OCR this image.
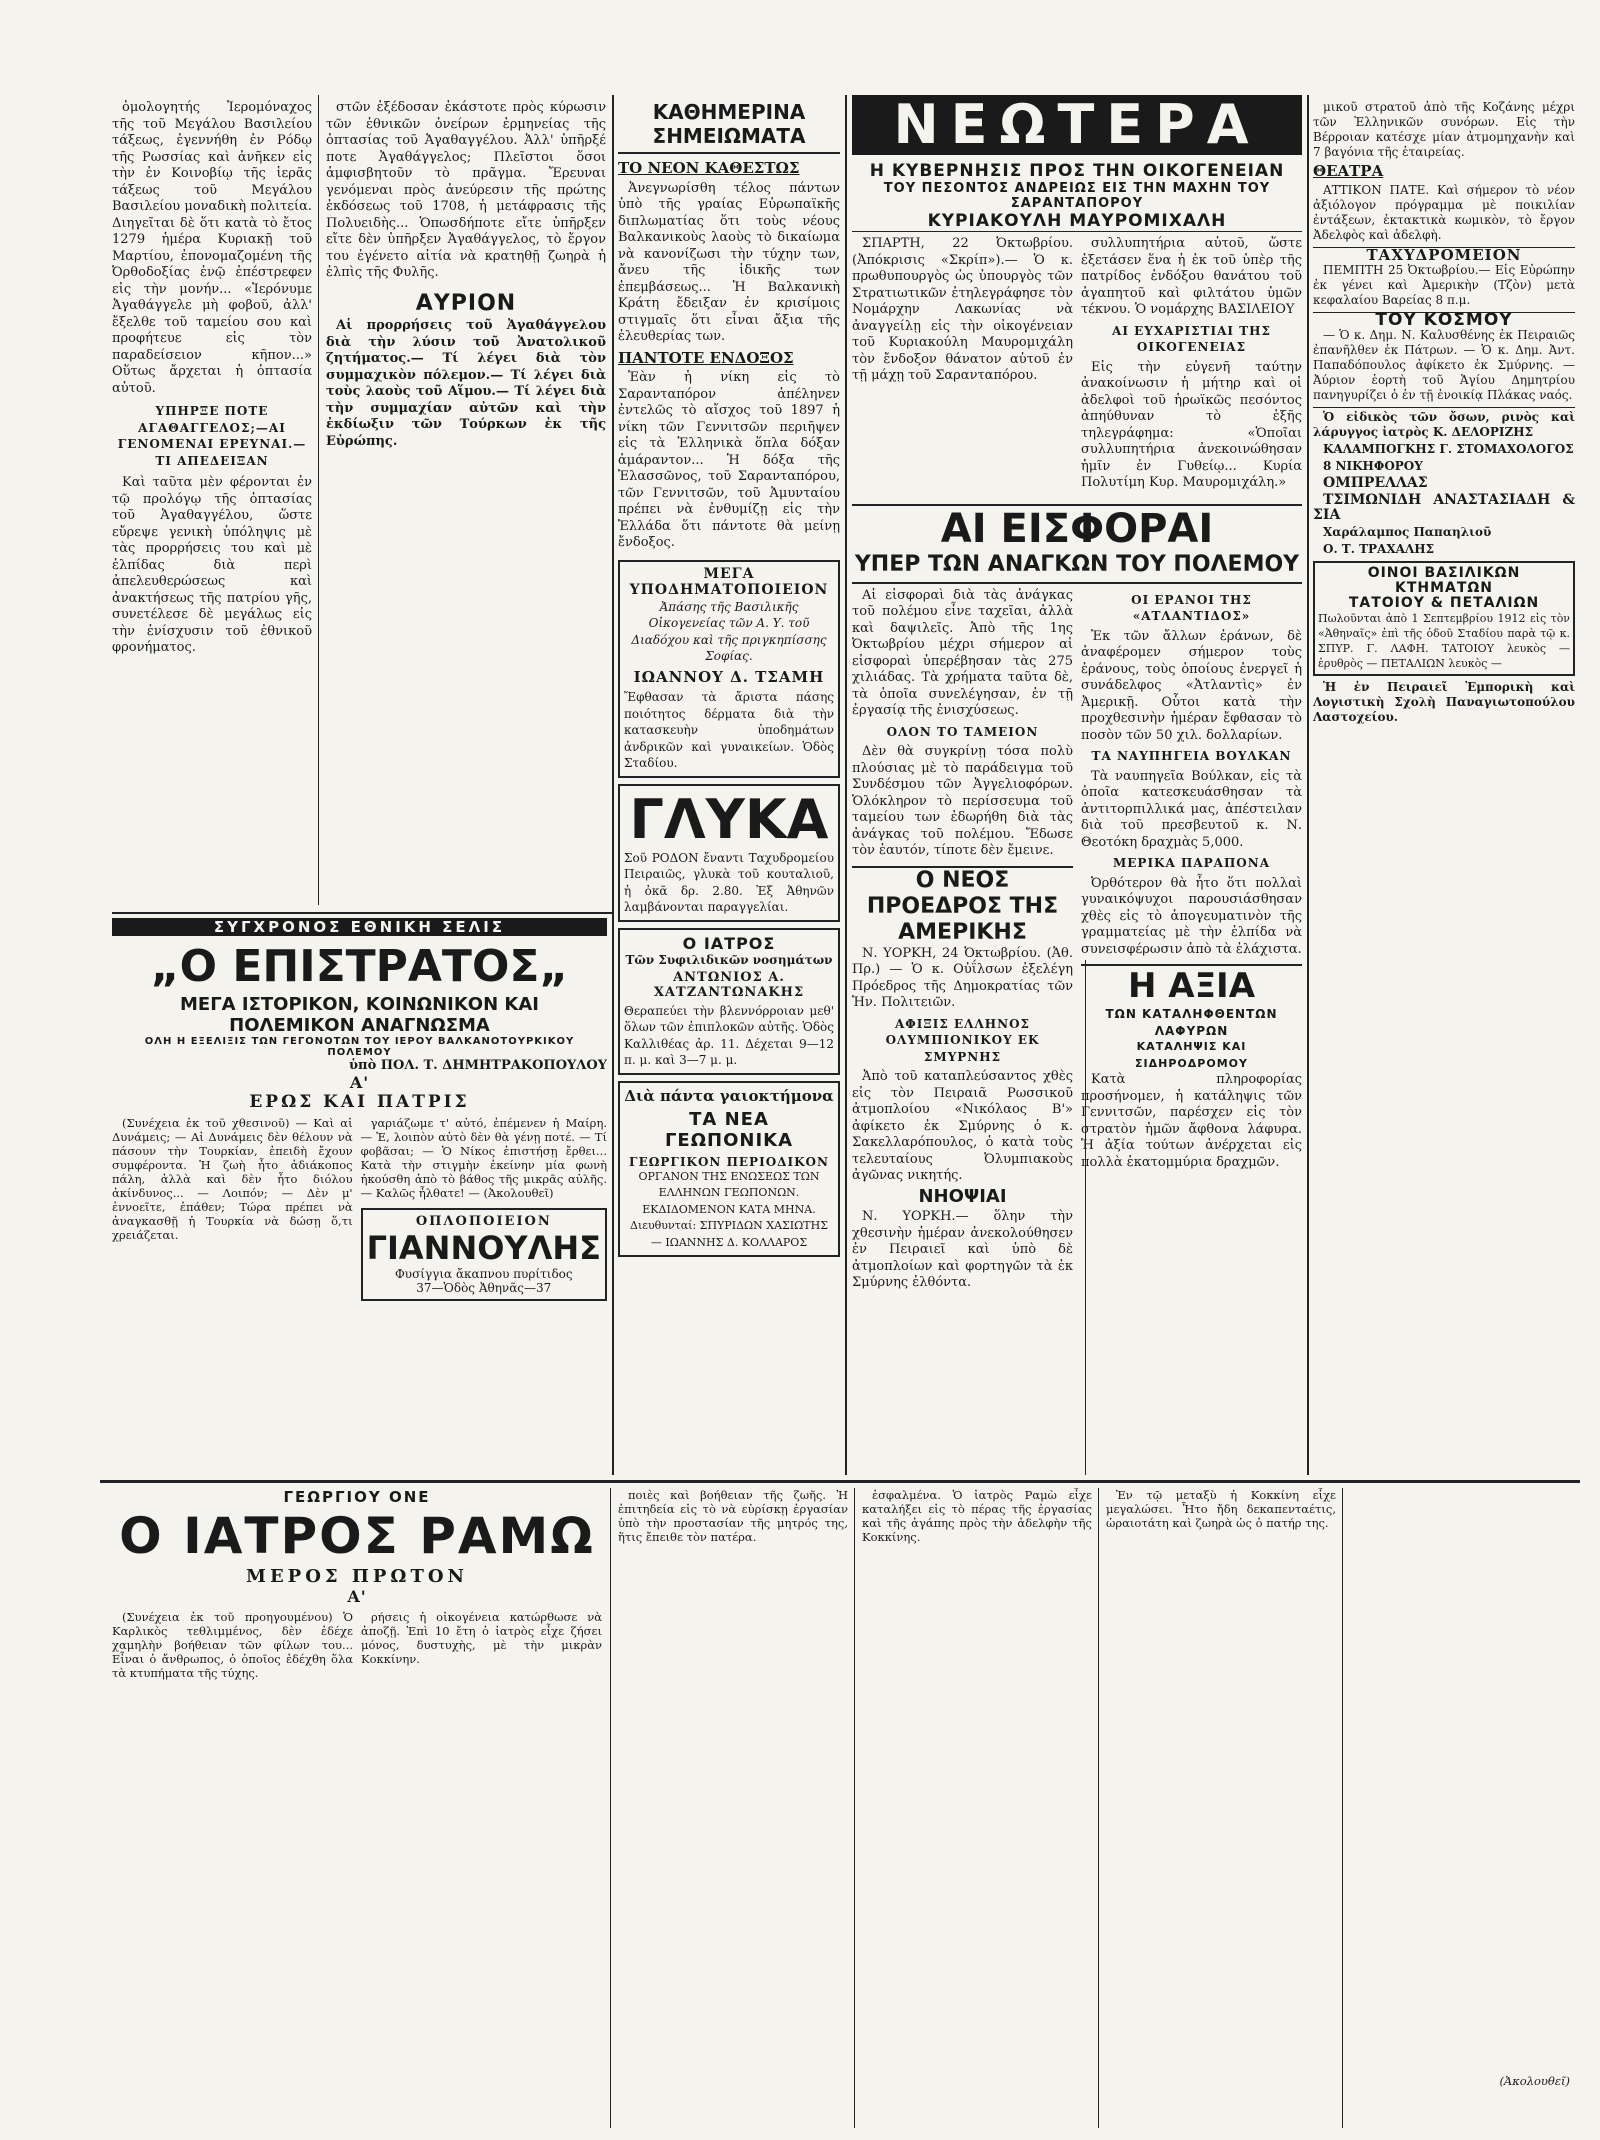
ὁμολογητής Ἱερομόναχος τῆς τοῦ Μεγάλου Βασιλείου τάξεως, ἐγεννήθη ἐν Ρόδῳ τῆς Ρωσσίας καὶ ἀνῆκεν εἰς τὴν ἐν Κοινοβίῳ τῆς ἱερᾶς τάξεως τοῦ Μεγάλου Βασιλείου μοναδικὴ πολιτεία. Διηγεῖται δὲ ὅτι κατὰ τὸ ἔτος 1279 ἡμέρα Κυριακῇ τοῦ Μαρτίου, ἐπονομαζομένη τῆς Ὀρθοδοξίας ἐνῷ ἐπέστρεφεν εἰς τὴν μονήν... «Ἱερόνυμε Ἀγαθάγγελε μὴ φοβοῦ, ἀλλ' ἔξελθε τοῦ ταμείου σου καὶ προφήτευε εἰς τὸν παραδείσειον κῆπον...» Οὕτως ἄρχεται ἡ ὀπτασία αὐτοῦ.

ΥΠΗΡΞΕ ΠΟΤΕ ΑΓΑΘΑΓΓΕΛΟΣ;—ΑΙ ΓΕΝΟΜΕΝΑΙ ΕΡΕΥΝΑΙ.—ΤΙ ΑΠΕΔΕΙΞΑΝ

Καὶ ταῦτα μὲν φέρονται ἐν τῷ προλόγῳ τῆς ὀπτασίας τοῦ Ἀγαθαγγέλου, ὥστε εὔρεψε γενικὴ ὑπόληψις μὲ τὰς προρρήσεις του καὶ μὲ ἐλπίδας διὰ περὶ ἀπελευθερώσεως καὶ ἀνακτήσεως τῆς πατρίου γῆς, συνετέλεσε δὲ μεγάλως εἰς τὴν ἐνίσχυσιν τοῦ ἐθνικοῦ φρονήματος.

στῶν ἐξέδοσαν ἐκάστοτε πρὸς κύρωσιν τῶν ἐθνικῶν ὀνείρων ἐρμηνείας τῆς ὀπτασίας τοῦ Ἀγαθαγγέλου. Ἀλλ' ὑπῆρξέ ποτε Ἀγαθάγγελος; Πλεῖστοι ὅσοι ἀμφισβητοῦν τὸ πρᾶγμα. Ἔρευναι γενόμεναι πρὸς ἀνεύρεσιν τῆς πρώτης ἐκδόσεως τοῦ 1708, ἡ μετάφρασις τῆς Πολυειδὴς... Ὁπωσδήποτε εἴτε ὑπῆρξεν εἴτε δὲν ὑπῆρξεν Ἀγαθάγγελος, τὸ ἔργον του ἐγένετο αἰτία νὰ κρατηθῇ ζωηρὰ ἡ ἐλπὶς τῆς Φυλῆς.

ΑΥΡΙΟΝ

Αἱ προρρήσεις τοῦ Ἀγαθάγγελου διὰ τὴν λύσιν τοῦ Ἀνατολικοῦ ζητήματος.— Τί λέγει διὰ τὸν συμμαχικὸν πόλεμον.— Τί λέγει διὰ τοὺς λαοὺς τοῦ Αἵμου.— Τί λέγει διὰ τὴν συμμαχίαν αὐτῶν καὶ τὴν ἐκδίωξιν τῶν Τούρκων ἐκ τῆς Εὐρώπης.

ΚΑΘΗΜΕΡΙΝΑ ΣΗΜΕΙΩΜΑΤΑ
ΤΟ ΝΕΟΝ ΚΑΘΕΣΤΩΣ

Ἀνεγνωρίσθη τέλος πάντων ὑπὸ τῆς γραίας Εὐρωπαϊκῆς διπλωματίας ὅτι τοὺς νέους Βαλκανικοὺς λαοὺς τὸ δικαίωμα νὰ κανονίζωσι τὴν τύχην των, ἄνευ τῆς ἰδικῆς των ἐπεμβάσεως... Ἡ Βαλκανικὴ Κράτη ἔδειξαν ἐν κρισίμοις στιγμαῖς ὅτι εἶναι ἄξια τῆς ἐλευθερίας των.

ΠΑΝΤΟΤΕ ΕΝΔΟΞΟΣ

Ἐὰν ἡ νίκη εἰς τὸ Σαρανταπόρον ἀπέληνεν ἐντελῶς τὸ αἴσχος τοῦ 1897 ἡ νίκη τῶν Γεννιτσῶν περιῆψεν εἰς τὰ Ἑλληνικὰ ὅπλα δόξαν ἀμάραντον... Ἡ δόξα τῆς Ἐλασσῶνος, τοῦ Σαρανταπόρου, τῶν Γεννιτσῶν, τοῦ Ἀμυνταίου πρέπει νὰ ἐνθυμίζῃ εἰς τὴν Ἑλλάδα ὅτι πάντοτε θὰ μείνῃ ἔνδοξος.

ΜΕΓΑ ΥΠΟΔΗΜΑΤΟΠΟΙΕΙΟΝ
Ἀπάσης τῆς Βασιλικῆς Οἰκογενείας τῶν Α. Υ. τοῦ Διαδόχου καὶ τῆς πριγκηπίσσης Σοφίας.
ΙΩΑΝΝΟΥ Δ. ΤΣΑΜΗ
Ἔφθασαν τὰ ἄριστα πάσης ποιότητος δέρματα διὰ τὴν κατασκευὴν ὑποδημάτων ἀνδρικῶν καὶ γυναικείων. Ὁδὸς Σταδίου.
ΓΛΥΚΑ
Σοῦ ΡΟΔΟΝ ἔναντι Ταχυδρομείου Πειραιῶς, γλυκὰ τοῦ κουταλιοῦ, ἡ ὀκᾶ δρ. 2.80. Ἐξ Ἀθηνῶν λαμβάνονται παραγγελίαι.
Ο ΙΑΤΡΟΣ
Τῶν Συφιλιδικῶν νοσημάτων
ΑΝΤΩΝΙΟΣ Α. ΧΑΤΖΑΝΤΩΝΑΚΗΣ
Θεραπεύει τὴν βλεννόρροιαν μεθ' ὅλων τῶν ἐπιπλοκῶν αὐτῆς. Ὁδὸς Καλλιθέας ἀρ. 11. Δέχεται 9—12 π. μ. καὶ 3—7 μ. μ.
Διὰ πάντα γαιοκτήμονα
ΤΑ ΝΕΑ ΓΕΩΠΟΝΙΚΑ
ΓΕΩΡΓΙΚΟΝ ΠΕΡΙΟΔΙΚΟΝ
ΟΡΓΑΝΟΝ ΤΗΣ ΕΝΩΣΕΩΣ ΤΩΝ ΕΛΛΗΝΩΝ ΓΕΩΠΟΝΩΝ. ΕΚΔΙΔΟΜΕΝΟΝ ΚΑΤΑ ΜΗΝΑ. Διευθυνταί: ΣΠΥΡΙΔΩΝ ΧΑΣΙΩΤΗΣ — ΙΩΑΝΝΗΣ Δ. ΚΟΛΛΑΡΟΣ
ΝΕΩΤΕΡΑ
Η ΚΥΒΕΡΝΗΣΙΣ ΠΡΟΣ ΤΗΝ ΟΙΚΟΓΕΝΕΙΑΝ
ΤΟΥ ΠΕΣΟΝΤΟΣ ΑΝΔΡΕΙΩΣ ΕΙΣ ΤΗΝ ΜΑΧΗΝ ΤΟΥ ΣΑΡΑΝΤΑΠΟΡΟΥ
ΚΥΡΙΑΚΟΥΛΗ ΜΑΥΡΟΜΙΧΑΛΗ

ΣΠΑΡΤΗ, 22 Ὀκτωβρίου. (Ἀπόκρισις «Σκρίπ»).— Ὁ κ. πρωθυπουργὸς ὡς ὑπουργὸς τῶν Στρατιωτικῶν ἐτηλεγράφησε τὸν Νομάρχην Λακωνίας νὰ ἀναγγείλῃ εἰς τὴν οἰκογένειαν τοῦ Κυριακούλη Μαυρομιχάλη τὸν ἔνδοξον θάνατον αὐτοῦ ἐν τῇ μάχῃ τοῦ Σαρανταπόρου.

συλλυπητήρια αὐτοῦ, ὥστε ἐξετάσεν ἕνα ἡ ἐκ τοῦ ὑπὲρ τῆς πατρίδος ἐνδόξου θανάτου τοῦ ἀγαπητοῦ καὶ φιλτάτου ὑμῶν τέκνου. Ὁ νομάρχης ΒΑΣΙΛΕΙΟΥ

ΑΙ ΕΥΧΑΡΙΣΤΙΑΙ ΤΗΣ ΟΙΚΟΓΕΝΕΙΑΣ

Εἰς τὴν εὐγενῆ ταύτην ἀνακοίνωσιν ἡ μήτηρ καὶ οἱ ἀδελφοὶ τοῦ ἡρωϊκῶς πεσόντος ἀπηύθυναν τὸ ἑξῆς τηλεγράφημα: «Ὁποῖαι συλλυπητήρια ἀνεκοινώθησαν ἡμῖν ἐν Γυθείῳ... Κυρία Πολυτίμη Κυρ. Μαυρομιχάλη.»

ΑΙ ΕΙΣΦΟΡΑΙ
ΥΠΕΡ ΤΩΝ ΑΝΑΓΚΩΝ ΤΟΥ ΠΟΛΕΜΟΥ

Αἱ εἰσφοραὶ διὰ τὰς ἀνάγκας τοῦ πολέμου εἶνε ταχεῖαι, ἀλλὰ καὶ δαψιλεῖς. Ἀπὸ τῆς 1ης Ὀκτωβρίου μέχρι σήμερον αἱ εἰσφοραὶ ὑπερέβησαν τὰς 275 χιλιάδας. Τὰ χρήματα ταῦτα δὲ, τὰ ὁποῖα συνελέγησαν, ἐν τῇ ἐργασίᾳ τῆς ἐνισχύσεως.

ΟΛΟΝ ΤΟ ΤΑΜΕΙΟΝ

Δὲν θὰ συγκρίνῃ τόσα πολὺ πλούσιας μὲ τὸ παράδειγμα τοῦ Συνδέσμου τῶν Ἀγγελιοφόρων. Ὁλόκληρον τὸ περίσσευμα τοῦ ταμείου των ἐδωρήθη διὰ τὰς ἀνάγκας τοῦ πολέμου. Ἔδωσε τὸν ἑαυτόν, τίποτε δὲν ἔμεινε.

Ο ΝΕΟΣ ΠΡΟΕΔΡΟΣ ΤΗΣ ΑΜΕΡΙΚΗΣ

Ν. ΥΟΡΚΗ, 24 Ὀκτωβρίου. (Ἀθ. Πρ.) — Ὁ κ. Οὐΐλσων ἐξελέγη Πρόεδρος τῆς Δημοκρατίας τῶν Ἡν. Πολιτειῶν.

ΑΦΙΞΙΣ ΕΛΛΗΝΟΣ ΟΛΥΜΠΙΟΝΙΚΟΥ ΕΚ ΣΜΥΡΝΗΣ

Ἀπὸ τοῦ καταπλεύσαντος χθὲς εἰς τὸν Πειραιᾶ Ρωσσικοῦ ἀτμοπλοίου «Νικόλαος Β'» ἀφίκετο ἐκ Σμύρνης ὁ κ. Σακελλαρόπουλος, ὁ κατὰ τοὺς τελευταίους Ὀλυμπιακοὺς ἀγῶνας νικητής.

ΝΗΟΨΙΑΙ

Ν. ΥΟΡΚΗ.— ὅλην τὴν χθεσινὴν ἡμέραν ἀνεκολούθησεν ἐν Πειραιεῖ καὶ ὑπὸ δὲ ἀτμοπλοίων καὶ φορτηγῶν τὰ ἐκ Σμύρνης ἐλθόντα.

ΟΙ ΕΡΑΝΟΙ ΤΗΣ «ΑΤΛΑΝΤΙΔΟΣ»

Ἐκ τῶν ἄλλων ἐράνων, δὲ ἀναφέρομεν σήμερον τοὺς ἐράνους, τοὺς ὁποίους ἐνεργεῖ ἡ συνάδελφος «Ἀτλαντὶς» ἐν Ἀμερικῇ. Οὗτοι κατὰ τὴν προχθεσινὴν ἡμέραν ἔφθασαν τὸ ποσὸν τῶν 50 χιλ. δολλαρίων.

ΤΑ ΝΑΥΠΗΓΕΙΑ ΒΟΥΛΚΑΝ

Τὰ ναυπηγεῖα Βούλκαν, εἰς τὰ ὁποῖα κατεσκευάσθησαν τὰ ἀντιτορπιλλικά μας, ἀπέστειλαν διὰ τοῦ πρεσβευτοῦ κ. Ν. Θεοτόκη δραχμὰς 5,000.

ΜΕΡΙΚΑ ΠΑΡΑΠΟΝΑ

Ὀρθότερον θὰ ἦτο ὅτι πολλαὶ γυναικόψυχοι παρουσιάσθησαν χθὲς εἰς τὸ ἀπογευματινὸν τῆς γραμματείας μὲ τὴν ἐλπίδα νὰ συνεισφέρωσιν ἀπὸ τὰ ἐλάχιστα.

Η ΑΞΙΑ
ΤΩΝ ΚΑΤΑΛΗΦΘΕΝΤΩΝ ΛΑΦΥΡΩΝ
ΚΑΤΑΛΗΨΙΣ ΚΑΙ ΣΙΔΗΡΟΔΡΟΜΟΥ

Κατὰ πληροφορίας προσήνομεν, ἡ κατάληψις τῶν Γεννιτσῶν, παρέσχεν εἰς τὸν στρατὸν ἡμῶν ἄφθονα λάφυρα. Ἡ ἀξία τούτων ἀνέρχεται εἰς πολλὰ ἑκατομμύρια δραχμῶν.

μικοῦ στρατοῦ ἀπὸ τῆς Κοζάνης μέχρι τῶν Ἑλληνικῶν συνόρων. Εἰς τὴν Βέρροιαν κατέσχε μίαν ἀτμομηχανὴν καὶ 7 βαγόνια τῆς ἑταιρείας.

ΘΕΑΤΡΑ

ΑΤΤΙΚΟΝ ΠΑΤΕ. Καὶ σήμερον τὸ νέον ἀξιόλογον πρόγραμμα μὲ ποικιλίαν ἐντάξεων, ἐκτακτικὰ κωμικὸν, τὸ ἔργον Ἀδελφὸς καὶ ἀδελφὴ.

ΤΑΧΥΔΡΟΜΕΙΟΝ

ΠΕΜΠΤΗ 25 Ὀκτωβρίου.— Εἰς Εὐρώπην ἐκ γένει καὶ Ἀμερικὴν (Τζὸν) μετὰ κεφαλαίου Βαρείας 8 π.μ.

ΤΟΥ ΚΟΣΜΟΥ

— Ὁ κ. Δημ. Ν. Καλυσθένης ἐκ Πειραιῶς ἐπανῆλθεν ἐκ Πάτρων. — Ὁ κ. Δημ. Ἀντ. Παπαδόπουλος ἀφίκετο ἐκ Σμύρνης. — Ἀύριον ἑορτὴ τοῦ Ἁγίου Δημητρίου πανηγυρίζει ὁ ἐν τῇ ἐνοικίᾳ Πλάκας ναός.

Ὁ εἰδικὸς τῶν ὄσων, ρινὸς καὶ λάρυγγος ἰατρὸς Κ. ΔΕΛΟΡΙΖΗΣ

ΚΑΛΑΜΠΟΓΚΗΣ Γ. ΣΤΟΜΑΧΟΛΟΓΟΣ

8 ΝΙΚΗΦΟΡΟΥ

ΟΜΠΡΕΛΛΑΣ

ΤΣΙΜΩΝΙΔΗ ΑΝΑΣΤΑΣΙΑΔΗ & ΣΙΑ

Χαράλαμπος Παπαηλιοῦ

Ο. Τ. ΤΡΑΧΑΛΗΣ

ΟΙΝΟΙ ΒΑΣΙΛΙΚΩΝ ΚΤΗΜΑΤΩΝ
ΤΑΤΟΙΟΥ & ΠΕΤΑΛΙΩΝ
Πωλοῦνται ἀπὸ 1 Σεπτεμβρίου 1912 εἰς τὸν «Ἀθηναῖς» ἐπὶ τῆς ὁδοῦ Σταδίου παρὰ τῷ κ. ΣΠΥΡ. Γ. ΛΑΦΗ. ΤΑΤΟΙΟΥ λευκὸς — ἐρυθρὸς — ΠΕΤΑΛΙΩΝ λευκὸς —

Ἡ ἐν Πειραιεῖ Ἐμπορικὴ καὶ Λογιστικὴ Σχολὴ Παναγιωτοπούλου Λαστοχείου.

ΣΥΓΧΡΟΝΟΣ ΕΘΝΙΚΗ ΣΕΛΙΣ
„Ο ΕΠΙΣΤΡΑΤΟΣ„
ΜΕΓΑ ΙΣΤΟΡΙΚΟΝ, ΚΟΙΝΩΝΙΚΟΝ ΚΑΙ
ΠΟΛΕΜΙΚΟΝ ΑΝΑΓΝΩΣΜΑ
ΟΛΗ Η ΕΞΕΛΙΞΙΣ ΤΩΝ ΓΕΓΟΝΟΤΩΝ ΤΟΥ ΙΕΡΟΥ ΒΑΛΚΑΝΟΤΟΥΡΚΙΚΟΥ ΠΟΛΕΜΟΥ
ὑπὸ ΠΟΛ. Τ. ΔΗΜΗΤΡΑΚΟΠΟΥΛΟΥ
Α'
ΕΡΩΣ ΚΑΙ ΠΑΤΡΙΣ

(Συνέχεια ἐκ τοῦ χθεσινοῦ) — Καὶ αἱ Δυνάμεις; — Αἱ Δυνάμεις δὲν θέλουν νὰ πάσουν τὴν Τουρκίαν, ἐπειδὴ ἔχουν συμφέροντα. Ἡ ζωὴ ἦτο ἀδιάκοπος πάλη, ἀλλὰ καὶ δὲν ἦτο διόλου ἀκίνδυνος... — Λοιπόν; — Δὲν μ' ἐννοεῖτε, ἐπάθεν; Τώρα πρέπει νὰ ἀναγκασθῇ ἡ Τουρκία νὰ δώσῃ ὅ,τι χρειάζεται.

γαριάζωμε τ' αὐτό, ἐπέμενεν ἡ Μαίρη. — Ἐ, λοιπὸν αὐτὸ δὲν θὰ γένῃ ποτέ. — Τί φοβᾶσαι; — Ὁ Νίκος ἐπιστήσῃ ἔρθει... Κατὰ τὴν στιγμὴν ἐκείνην μία φωνὴ ἠκούσθη ἀπὸ τὸ βάθος τῆς μικρᾶς αὐλῆς. — Καλῶς ἦλθατε! — (Ἀκολουθεῖ)

ΟΠΛΟΠΟΙΕΙΟΝ
ΓΙΑΝΝΟΥΛΗΣ
Φυσίγγια ἄκαπνου πυρίτιδος
37—Ὁδὸς Ἀθηνᾶς—37
ΓΕΩΡΓΙΟΥ ΟΝΕ
Ο ΙΑΤΡΟΣ ΡΑΜΩ
ΜΕΡΟΣ ΠΡΩΤΟΝ
Α'

(Συνέχεια ἐκ τοῦ προηγουμένου) Ὁ Καρλικὸς τεθλιμμένος, δὲν ἐδέχε χαμηλὴν βοήθειαν τῶν φίλων του... Εἶναι ὁ ἄνθρωπος, ὁ ὁποῖος ἐδέχθη ὅλα τὰ κτυπήματα τῆς τύχης.

ρήσεις ἡ οἰκογένεια κατώρθωσε νὰ ἀποζῇ. Ἐπὶ 10 ἔτη ὁ ἰατρὸς εἶχε ζήσει μόνος, δυστυχὴς, μὲ τὴν μικρὰν Κοκκίνην.

ποιὲς καὶ βοήθειαν τῆς ζωῆς. Ἡ ἐπιτηδεία εἰς τὸ νὰ εὑρίσκῃ ἐργασίαν ὑπὸ τὴν προστασίαν τῆς μητρός της, ἥτις ἔπειθε τὸν πατέρα.

ἐσφαλμένα. Ὁ ἰατρὸς Ραμὼ εἶχε καταλήξει εἰς τὸ πέρας τῆς ἐργασίας καὶ τῆς ἀγάπης πρὸς τὴν ἀδελφὴν τῆς Κοκκίνης.

Ἐν τῷ μεταξὺ ἡ Κοκκίνη εἶχε μεγαλώσει. Ἦτο ἤδη δεκαπενταέτις, ὡραιοτάτη καὶ ζωηρὰ ὡς ὁ πατήρ της.

(Ἀκολουθεῖ)
